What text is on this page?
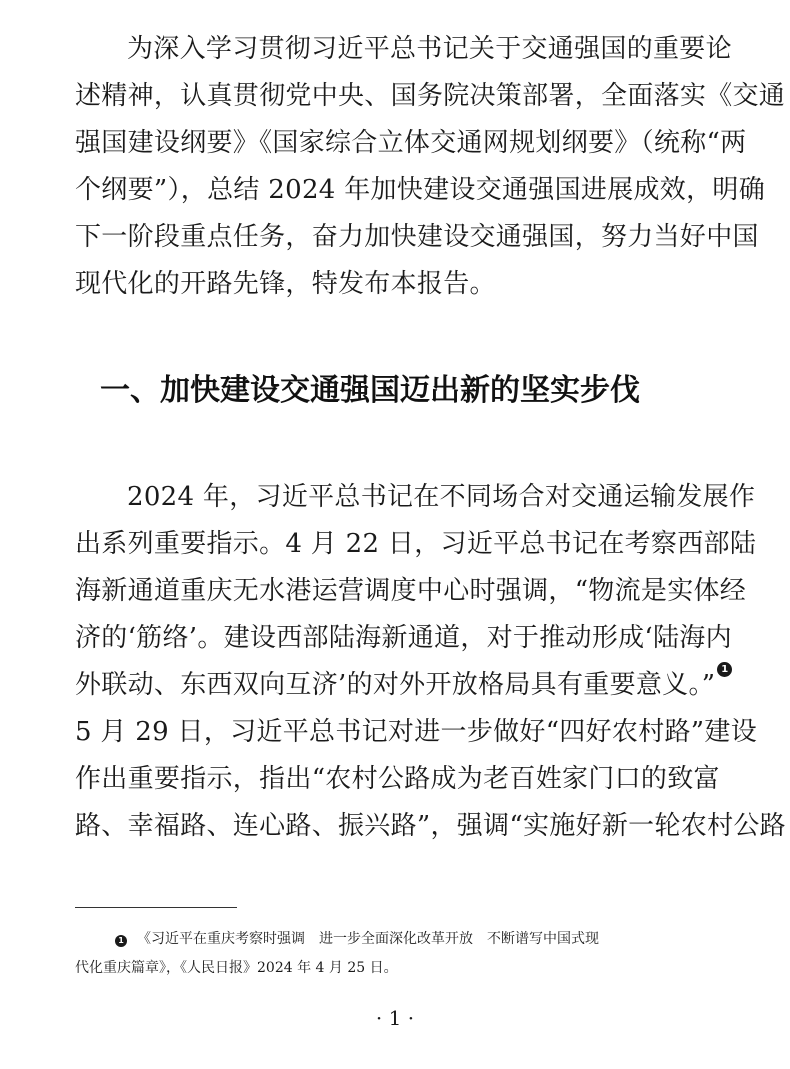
为深入学习贯彻习近平总书记关于交通强国的重要论
述精神，认真贯彻党中央、国务院决策部署，全面落实《交通
强国建设纲要》《国家综合立体交通网规划纲要》（统称“两
个纲要”），总结 2024 年加快建设交通强国进展成效，明确
下一阶段重点任务，奋力加快建设交通强国，努力当好中国
现代化的开路先锋，特发布本报告。

一、加快建设交通强国迈出新的坚实步伐

2024 年，习近平总书记在不同场合对交通运输发展作
出系列重要指示。4 月 22 日，习近平总书记在考察西部陆
海新通道重庆无水港运营调度中心时强调，“物流是实体经
济的‘筋络’。建设西部陆海新通道，对于推动形成‘陆海内
外联动、东西双向互济’的对外开放格局具有重要意义。”1
5 月 29 日，习近平总书记对进一步做好“四好农村路”建设
作出重要指示，指出“农村公路成为老百姓家门口的致富
路、幸福路、连心路、振兴路”，强调“实施好新一轮农村公路

1 《习近平在重庆考察时强调　进一步全面深化改革开放　不断谱写中国式现
代化重庆篇章》，《人民日报》2024 年 4 月 25 日。

· 1 ·
